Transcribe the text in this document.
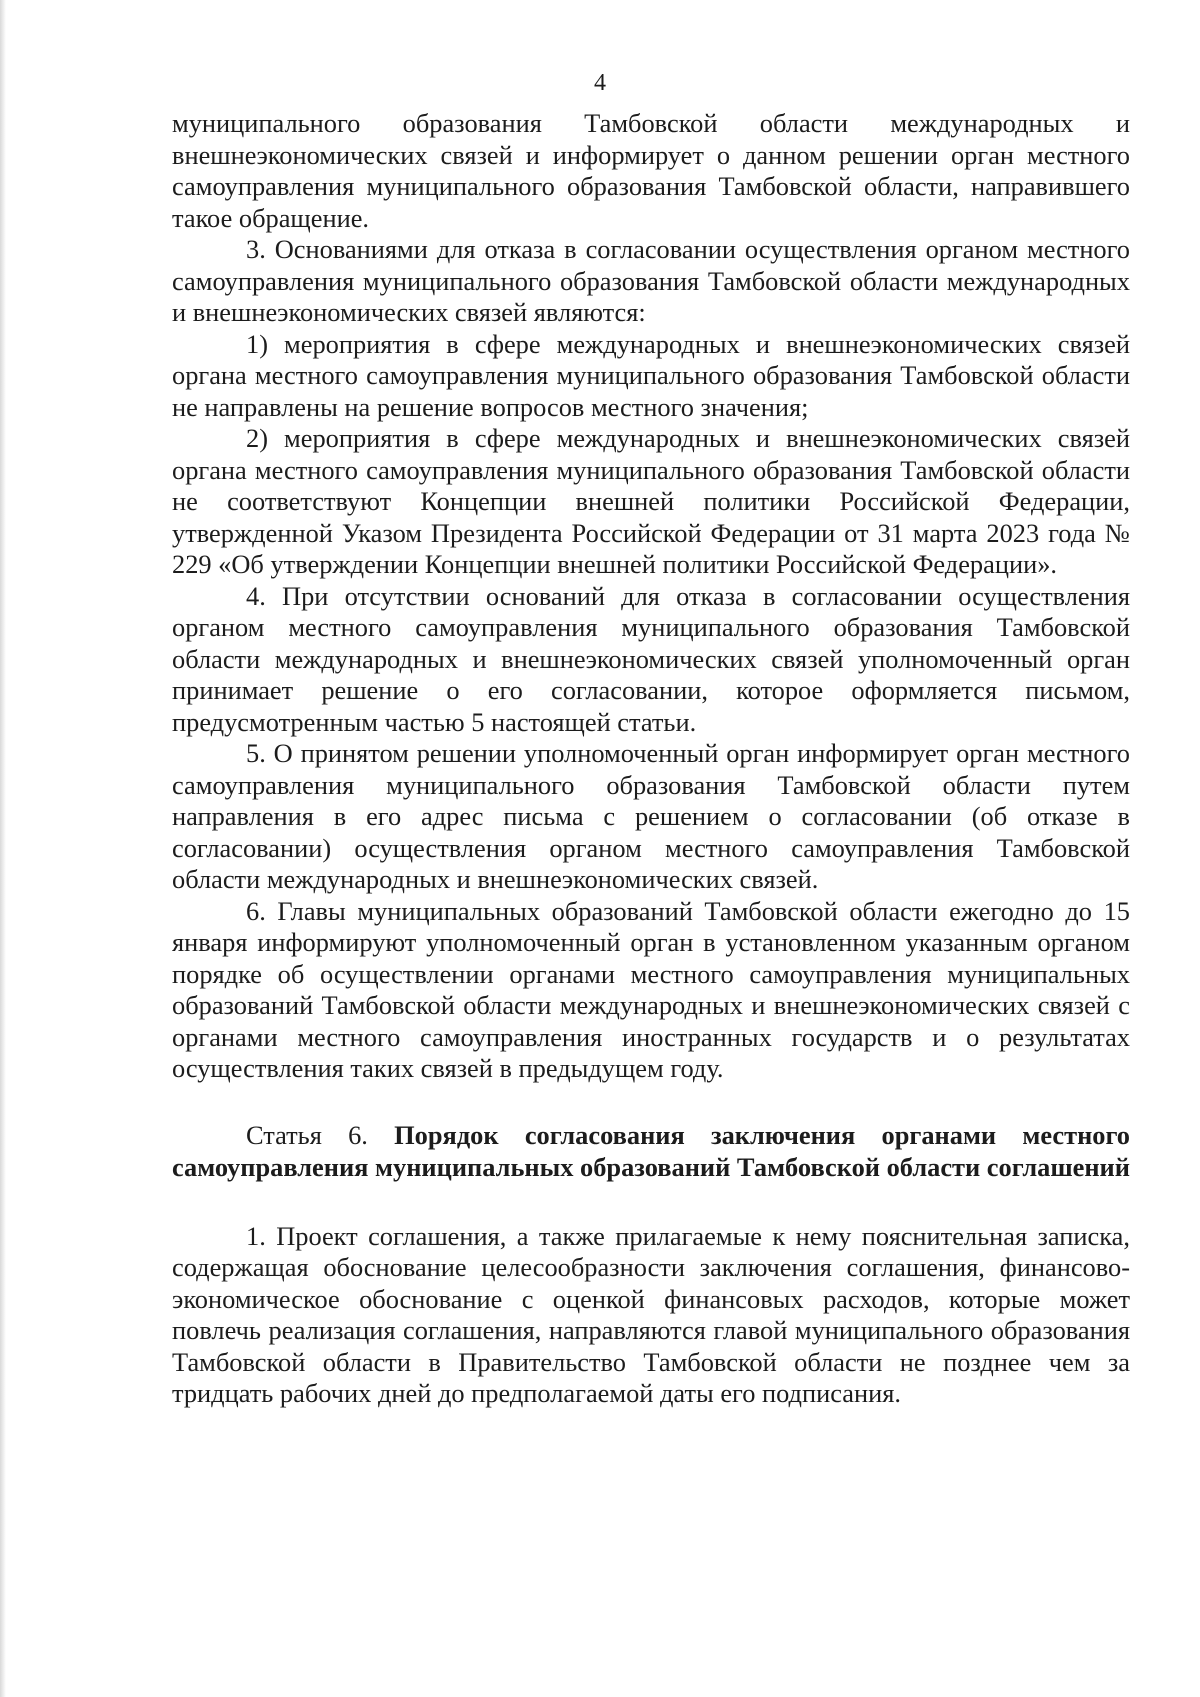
4

муниципального образования Тамбовской области международных и внешнеэкономических связей и информирует о данном решении орган местного самоуправления муниципального образования Тамбовской области, направившего такое обращение.

3. Основаниями для отказа в согласовании осуществления органом местного самоуправления муниципального образования Тамбовской области международных и внешнеэкономических связей являются:

1) мероприятия в сфере международных и внешнеэкономических связей органа местного самоуправления муниципального образования Тамбовской области не направлены на решение вопросов местного значения;

2) мероприятия в сфере международных и внешнеэкономических связей органа местного самоуправления муниципального образования Тамбовской области не соответствуют Концепции внешней политики Российской Федерации, утвержденной Указом Президента Российской Федерации от 31 марта 2023 года № 229 «Об утверждении Концепции внешней политики Российской Федерации».

4. При отсутствии оснований для отказа в согласовании осуществления органом местного самоуправления муниципального образования Тамбовской области международных и внешнеэкономических связей уполномоченный орган принимает решение о его согласовании, которое оформляется письмом, предусмотренным частью 5 настоящей статьи.

5. О принятом решении уполномоченный орган информирует орган местного самоуправления муниципального образования Тамбовской области путем направления в его адрес письма с решением о согласовании (об отказе в согласовании) осуществления органом местного самоуправления Тамбовской области международных и внешнеэкономических связей.

6. Главы муниципальных образований Тамбовской области ежегодно до 15 января информируют уполномоченный орган в установленном указанным органом порядке об осуществлении органами местного самоуправления муниципальных образований Тамбовской области международных и внешнеэкономических связей с органами местного самоуправления иностранных государств и о результатах осуществления таких связей в предыдущем году.

Статья 6. Порядок согласования заключения органами местного самоуправления муниципальных образований Тамбовской области соглашений

1. Проект соглашения, а также прилагаемые к нему пояснительная записка, содержащая обоснование целесообразности заключения соглашения, финансово-экономическое обоснование с оценкой финансовых расходов, которые может повлечь реализация соглашения, направляются главой муниципального образования Тамбовской области в Правительство Тамбовской области не позднее чем за тридцать рабочих дней до предполагаемой даты его подписания.
